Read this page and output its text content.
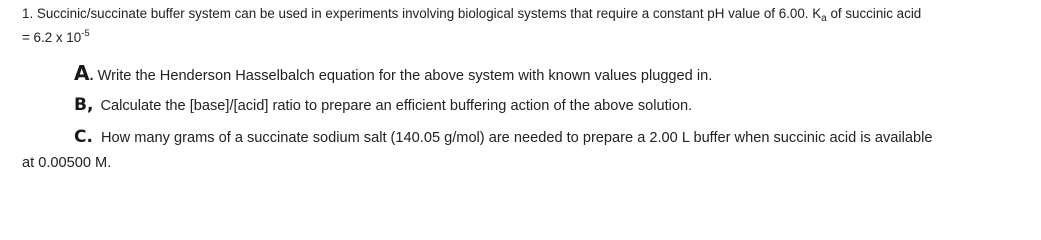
1. Succinic/succinate buffer system can be used in experiments involving biological systems that require a constant pH value of 6.00. $K_a$ of succinic acid
= 6.2 x $10^{-5}$
A. Write the Henderson Hasselbalch equation for the above system with known values plugged in.
B, Calculate the [base]/[acid] ratio to prepare an efficient buffering action of the above solution.
C. How many grams of a succinate sodium salt (140.05 g/mol) are needed to prepare a 2.00 L buffer when succinic acid is available
at 0.00500 M.
